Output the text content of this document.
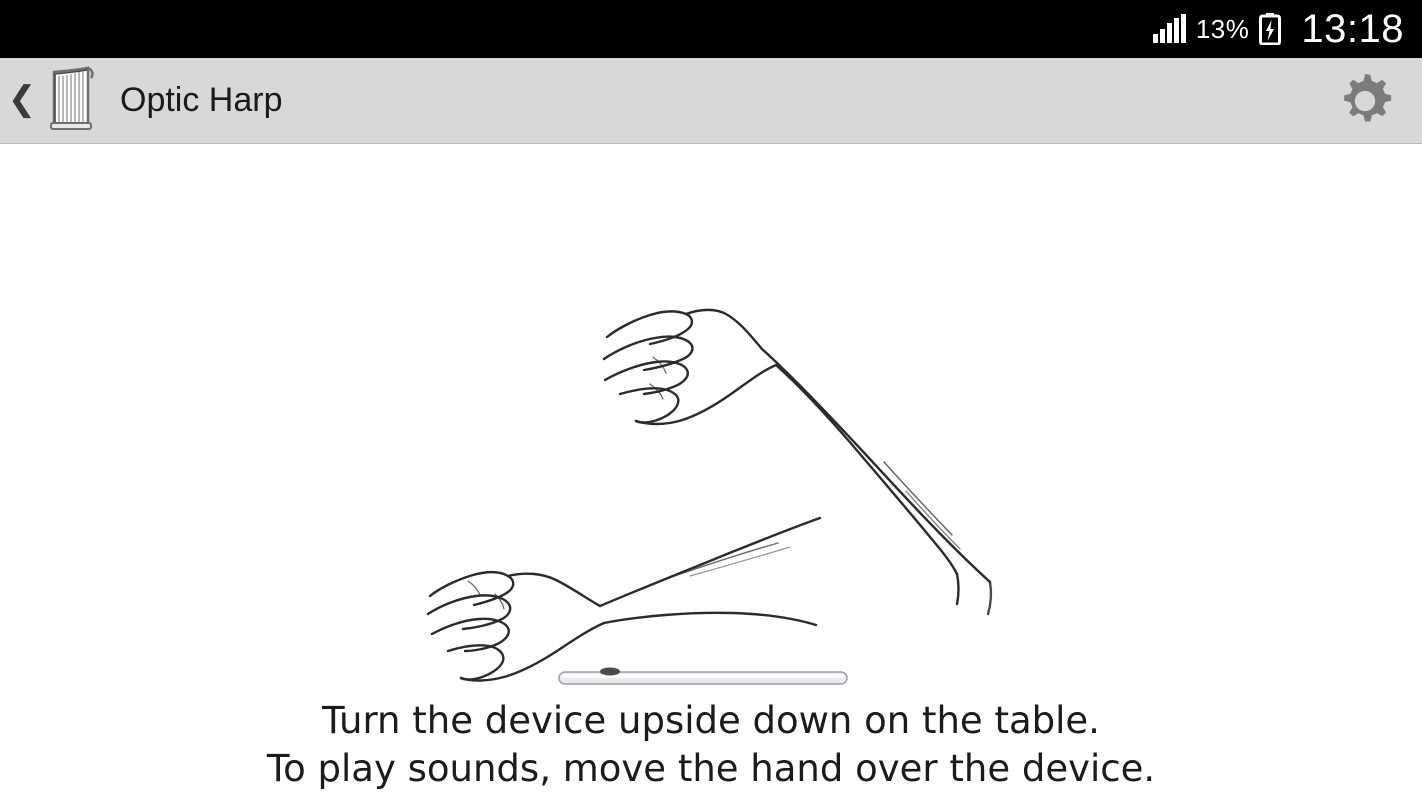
13% 13:18
❮ Optic Harp
Turn the device upside down on the table.
To play sounds, move the hand over the device.
